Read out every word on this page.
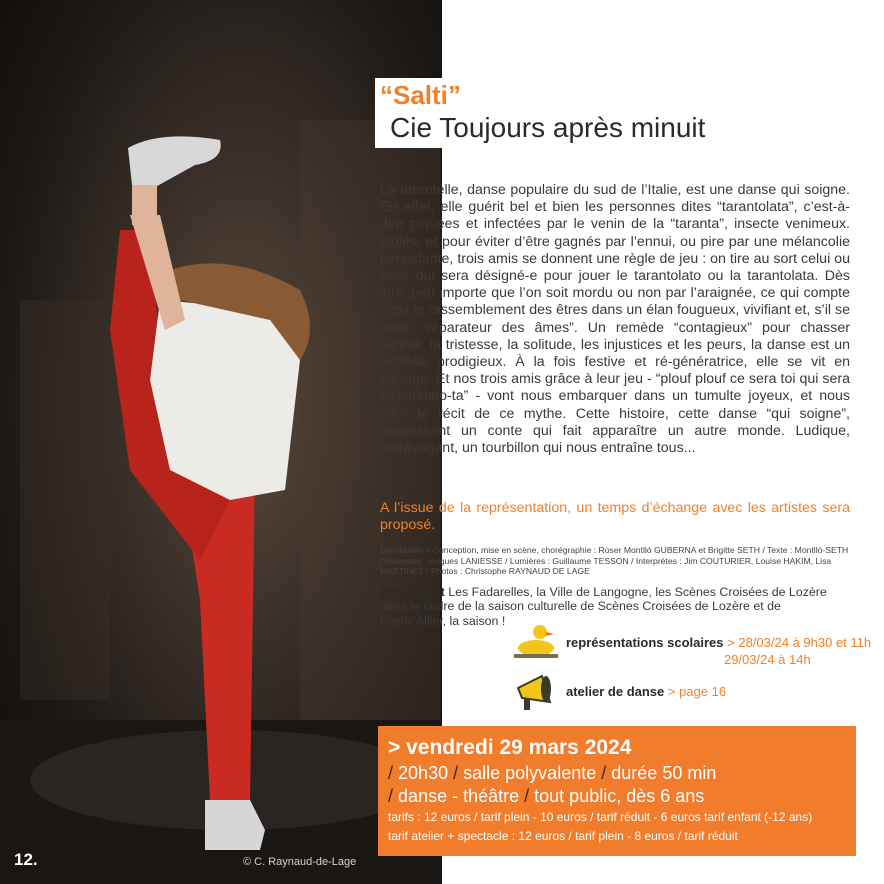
12.	© C. Raynaud-de-Lage
“Salti”
Cie Toujours après minuit
La tarentelle, danse populaire du sud de l’Italie, est une danse qui soigne. En effet, elle guérit bel et bien les personnes dites “tarantolata”, c’est-à-dire piquées et infectées par le venin de la “taranta”, insecte venimeux. Isolés, et pour éviter d’être gagnés par l’ennui, ou pire par une mélancolie persistante, trois amis se donnent une règle de jeu : on tire au sort celui ou celle qui sera désigné-e pour jouer le tarantolato ou la tarantolata. Dès lors, peu importe que l’on soit mordu ou non par l’araignée, ce qui compte c’est le rassemblement des êtres dans un élan fougueux, vivifiant et, s’il se peut, “réparateur des âmes”. Un remède “contagieux” pour chasser l’ennui, la tristesse, la solitude, les injustices et les peurs, la danse est un remède prodigieux. À la fois festive et ré-génératrice, elle se vit en partage. Et nos trois amis grâce à leur jeu - “plouf plouf ce sera toi qui sera tarentelato-ta” - vont nous embarquer dans un tumulte joyeux, et nous offrir le récit de ce mythe. Cette histoire, cette danse “qui soigne”, nourrissent un conte qui fait apparaître un autre monde. Ludique, extravagant, un tourbillon qui nous entraîne tous...
A l’issue de la représentation, un temps d’échange avec les artistes sera proposé.
Distribution > Conception, mise en scène, chorégraphie : Roser Montlló GUBERNA et Brigitte SETH / Texte : Montlló-SETH / Musiques : Hugues LANIESSE / Lumières : Guillaume TESSON / Interprètes : Jim COUTURIER, Louise HAKIM, Lisa MARTINEZ / Photos : Christophe RAYNAUD DE LAGE
Partenariat Les Fadarelles, la Ville de Langogne, les Scènes Croisées de Lozère dans le cadre de la saison culturelle de Scènes Croisées de Lozère et de Festiv’Allier, la saison !
représentations scolaires > 28/03/24 à 9h30 et 11h
29/03/24 à 14h
atelier de danse > page 16
> vendredi 29 mars 2024
/ 20h30 / salle polyvalente / durée 50 min
/ danse - théâtre / tout public, dès 6 ans
tarifs : 12 euros / tarif plein - 10 euros / tarif réduit - 6 euros tarif enfant (-12 ans)
tarif atelier + spectacle : 12 euros / tarif plein - 8 euros / tarif réduit
